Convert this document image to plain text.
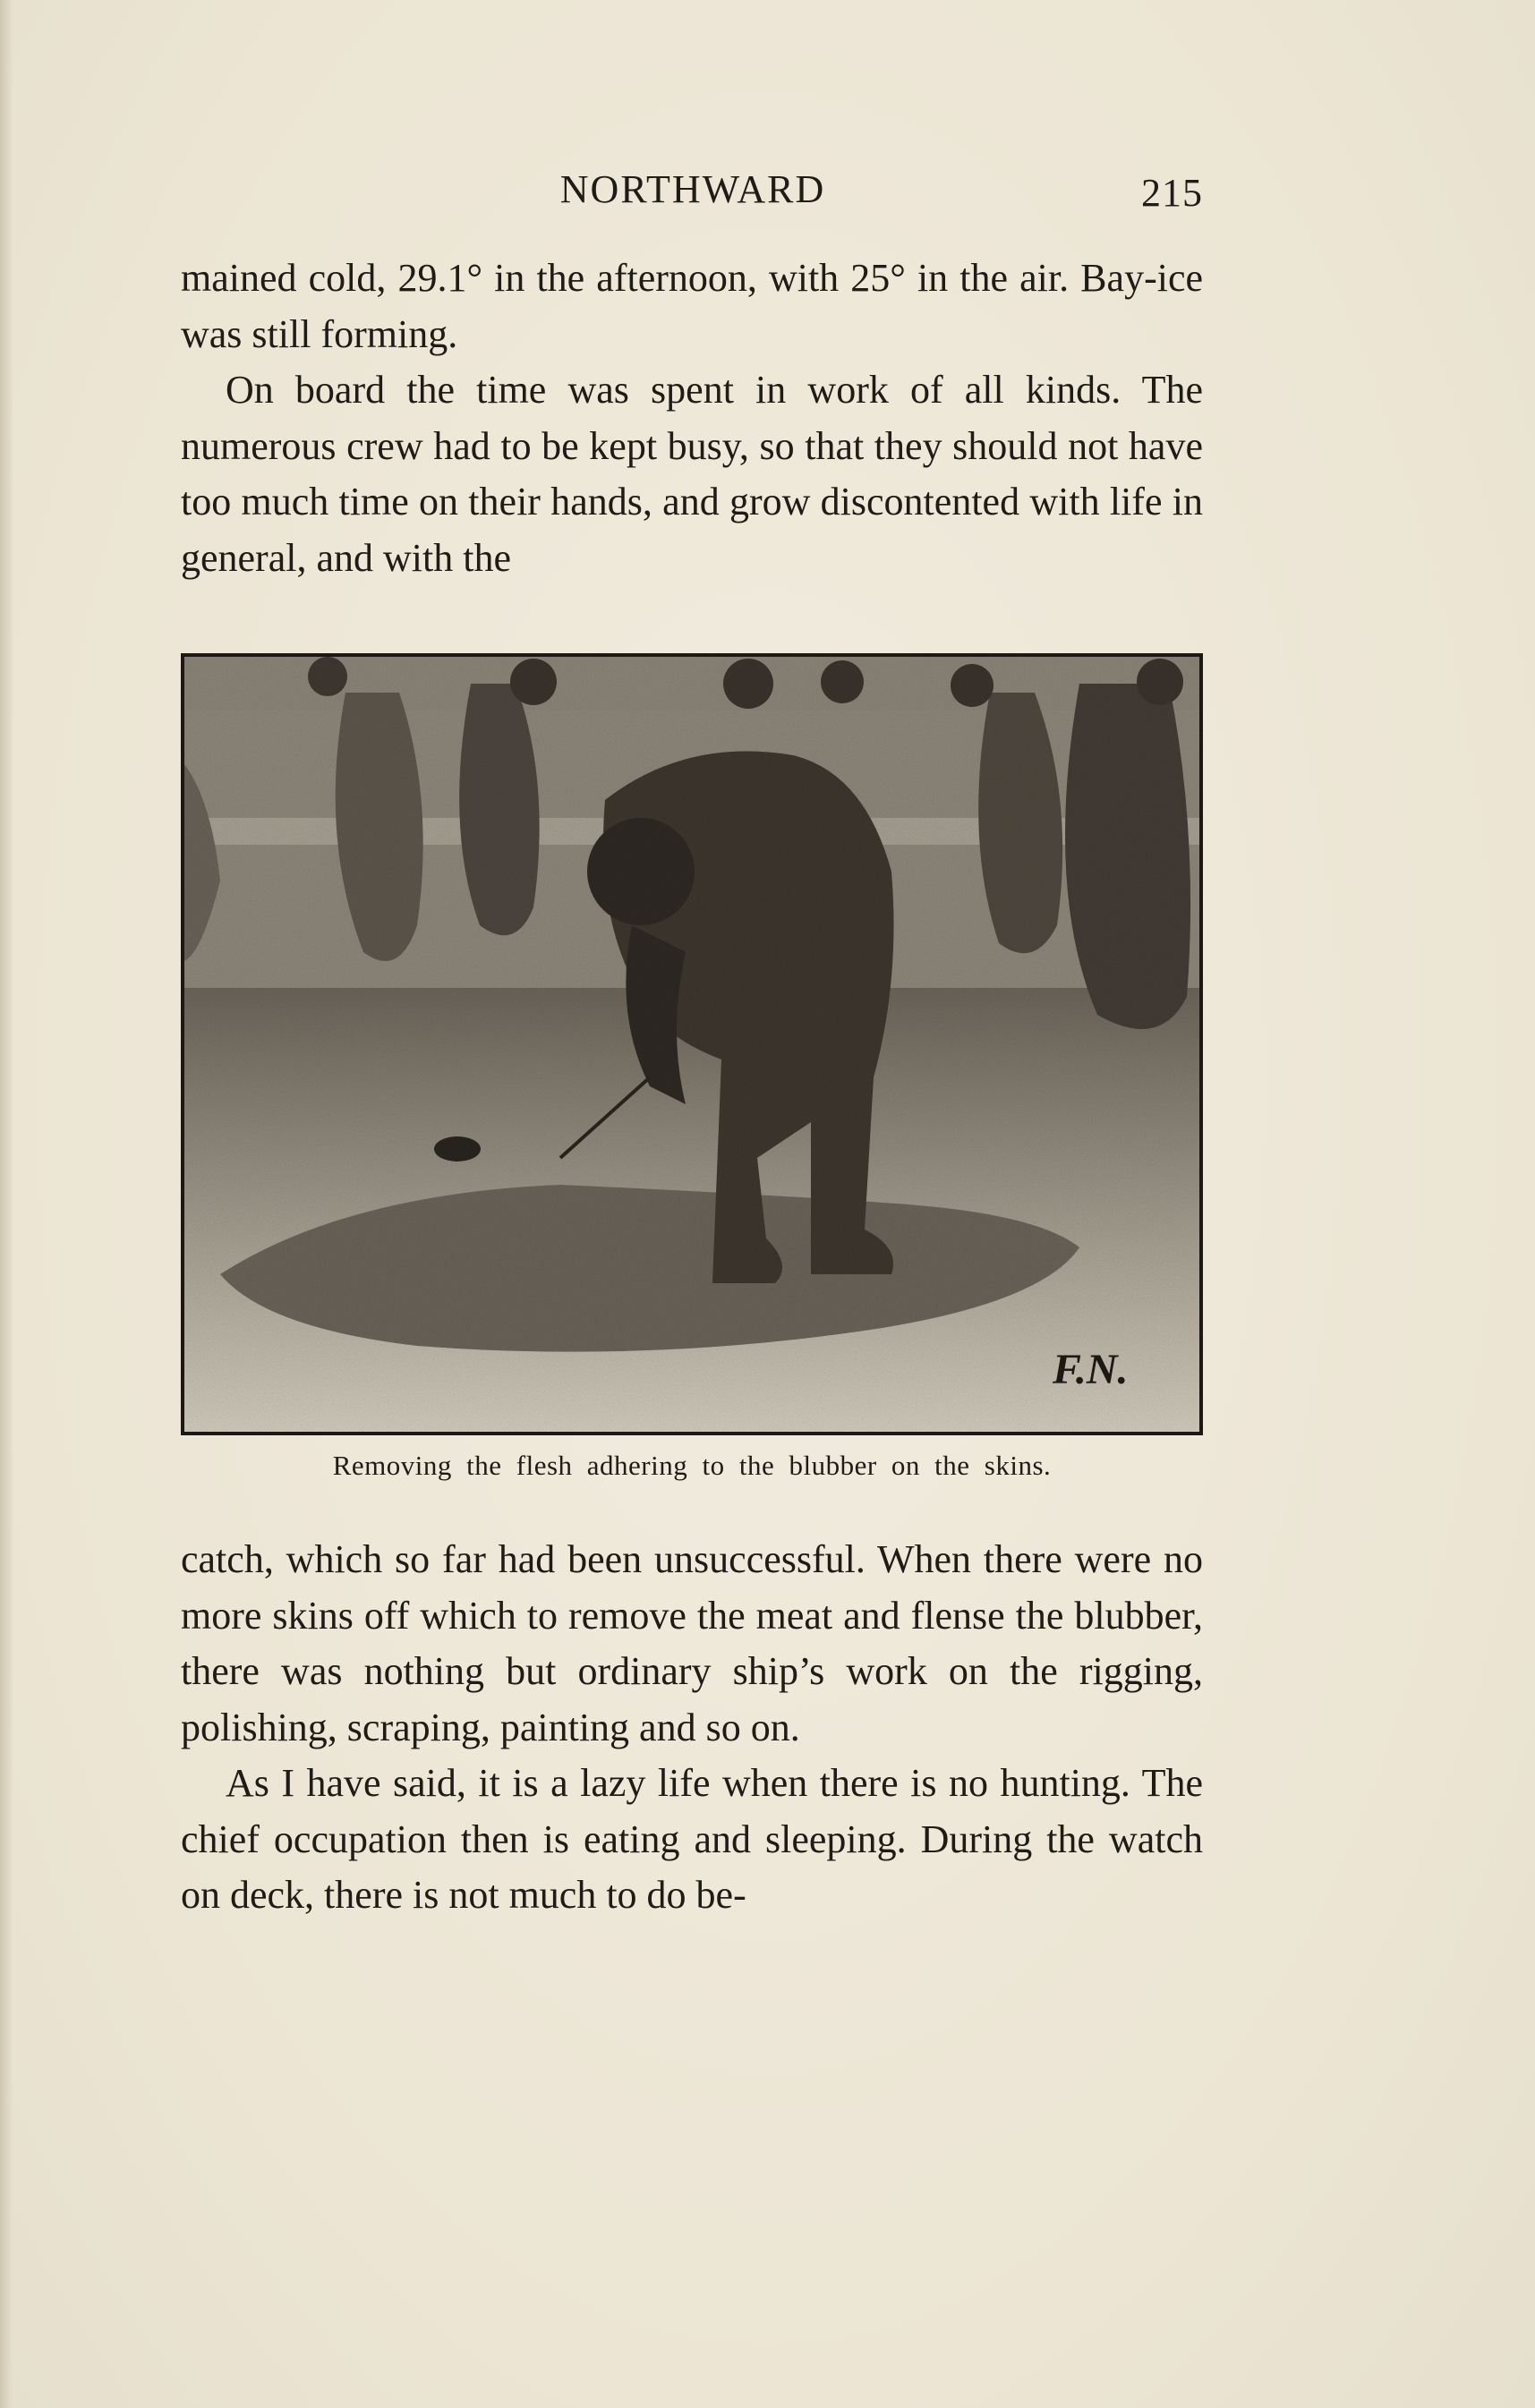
NORTHWARD	215

mained cold, 29.1° in the afternoon, with 25° in the air. Bay-ice was still forming.

On board the time was spent in work of all kinds. The numerous crew had to be kept busy, so that they should not have too much time on their hands, and grow discontented with life in general, and with the

F.N.
Removing the flesh adhering to the blubber on the skins.

catch, which so far had been unsuccessful. When there were no more skins off which to remove the meat and flense the blubber, there was nothing but ordinary ship’s work on the rigging, polishing, scraping, painting and so on.

As I have said, it is a lazy life when there is no hunting. The chief occupation then is eating and sleeping. During the watch on deck, there is not much to do be-
